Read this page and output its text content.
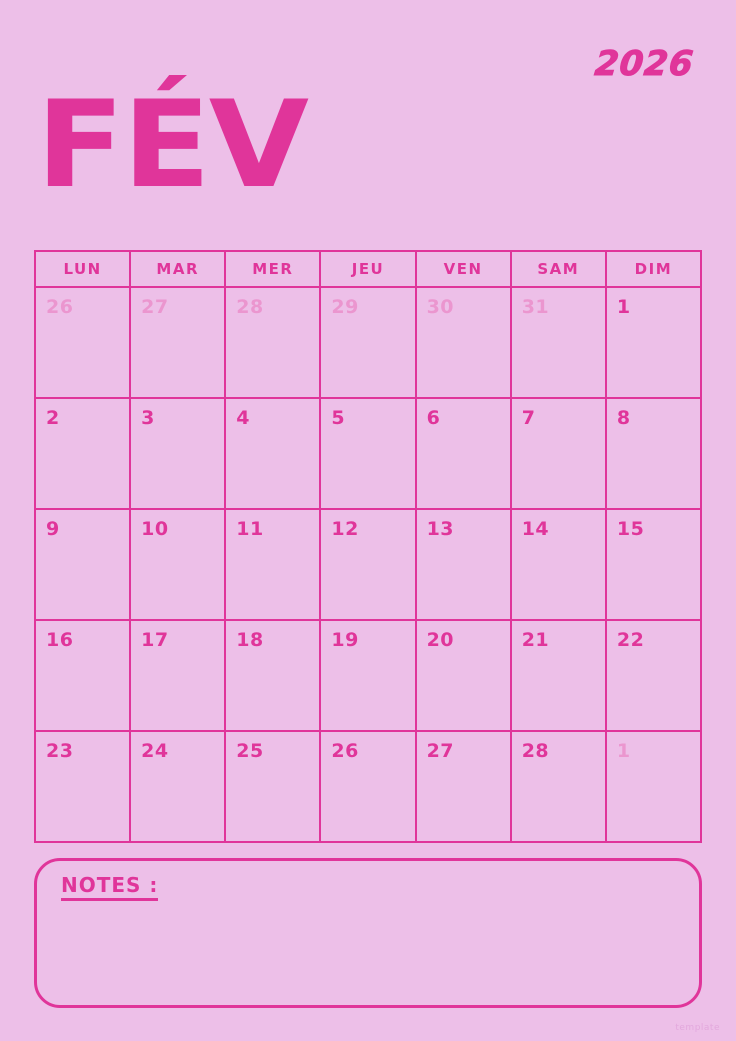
2026
FÉV
LUN	MAR	MER	JEU	VEN	SAM	DIM
26	27	28	29	30	31	1
2	3	4	5	6	7	8
9	10	11	12	13	14	15
16	17	18	19	20	21	22
23	24	25	26	27	28	1
NOTES :
template
